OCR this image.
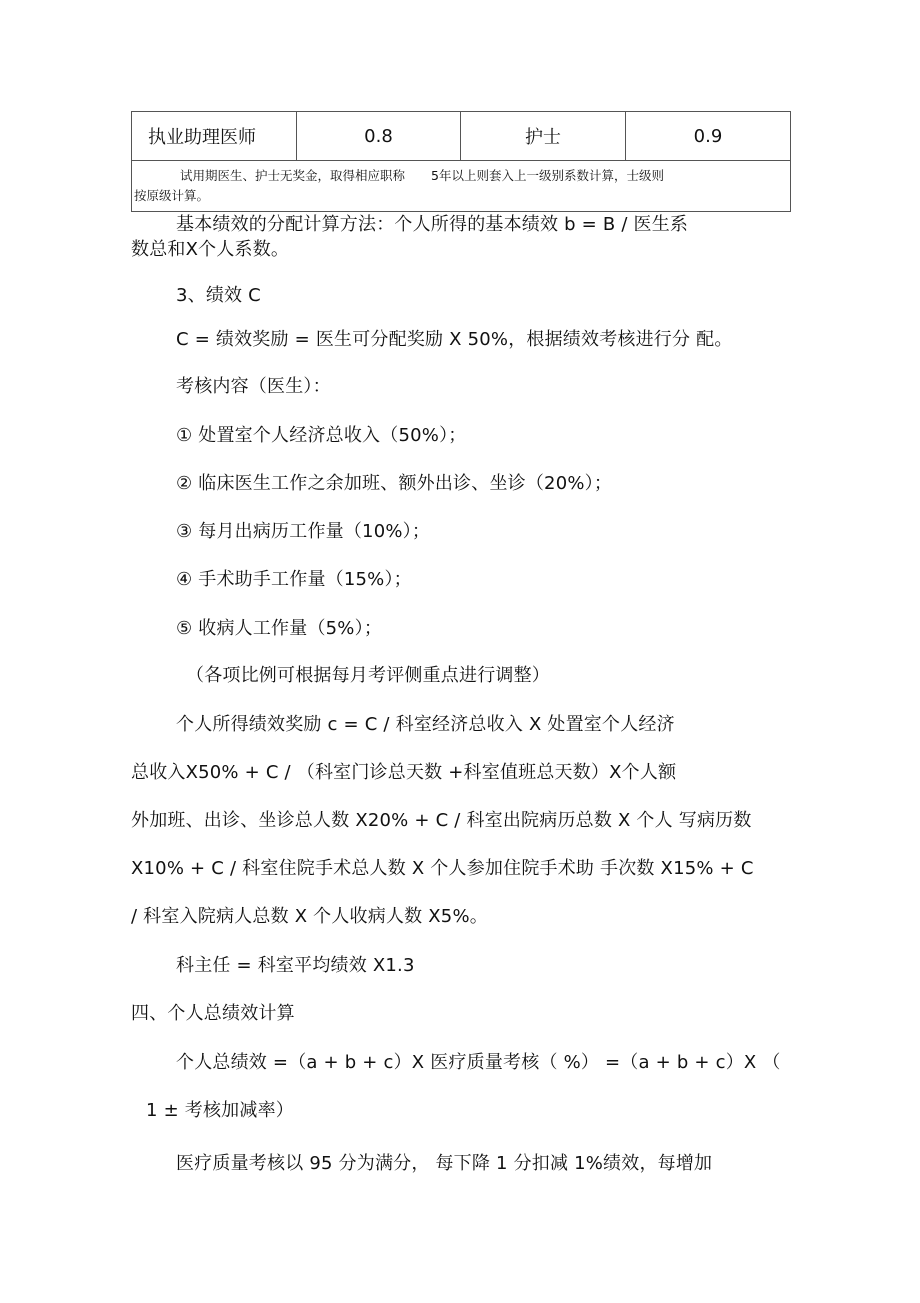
执业助理医师	0.8	护士	0.9

试用期医生、护士无奖金，取得相应职称 5年以上则套入上一级别系数计算，士级则
按原级计算。
基本绩效的分配计算方法：个人所得的基本绩效 b = B / 医生系
数总和X个人系数。
3、绩效 C
C = 绩效奖励 = 医生可分配奖励 X 50%，根据绩效考核进行分 配。
考核内容（医生）：
① 处置室个人经济总收入（50%）；
② 临床医生工作之余加班、额外出诊、坐诊（20%）；
③ 每月出病历工作量（10%）；
④ 手术助手工作量（15%）；
⑤ 收病人工作量（5%）；
（各项比例可根据每月考评侧重点进行调整）
个人所得绩效奖励 c = C / 科室经济总收入 X 处置室个人经济
总收入X50% + C / （科室门诊总天数 +科室值班总天数）X个人额
外加班、出诊、坐诊总人数 X20% + C / 科室出院病历总数 X 个人 写病历数
X10% + C / 科室住院手术总人数 X 个人参加住院手术助 手次数 X15% + C
/ 科室入院病人总数 X 个人收病人数 X5%。
科主任 = 科室平均绩效 X1.3
四、个人总绩效计算
个人总绩效 =（a + b + c）X 医疗质量考核（ %） =（a + b + c）X （
1 ± 考核加减率）
医疗质量考核以 95 分为满分， 每下降 1 分扣减 1%绩效，每增加
